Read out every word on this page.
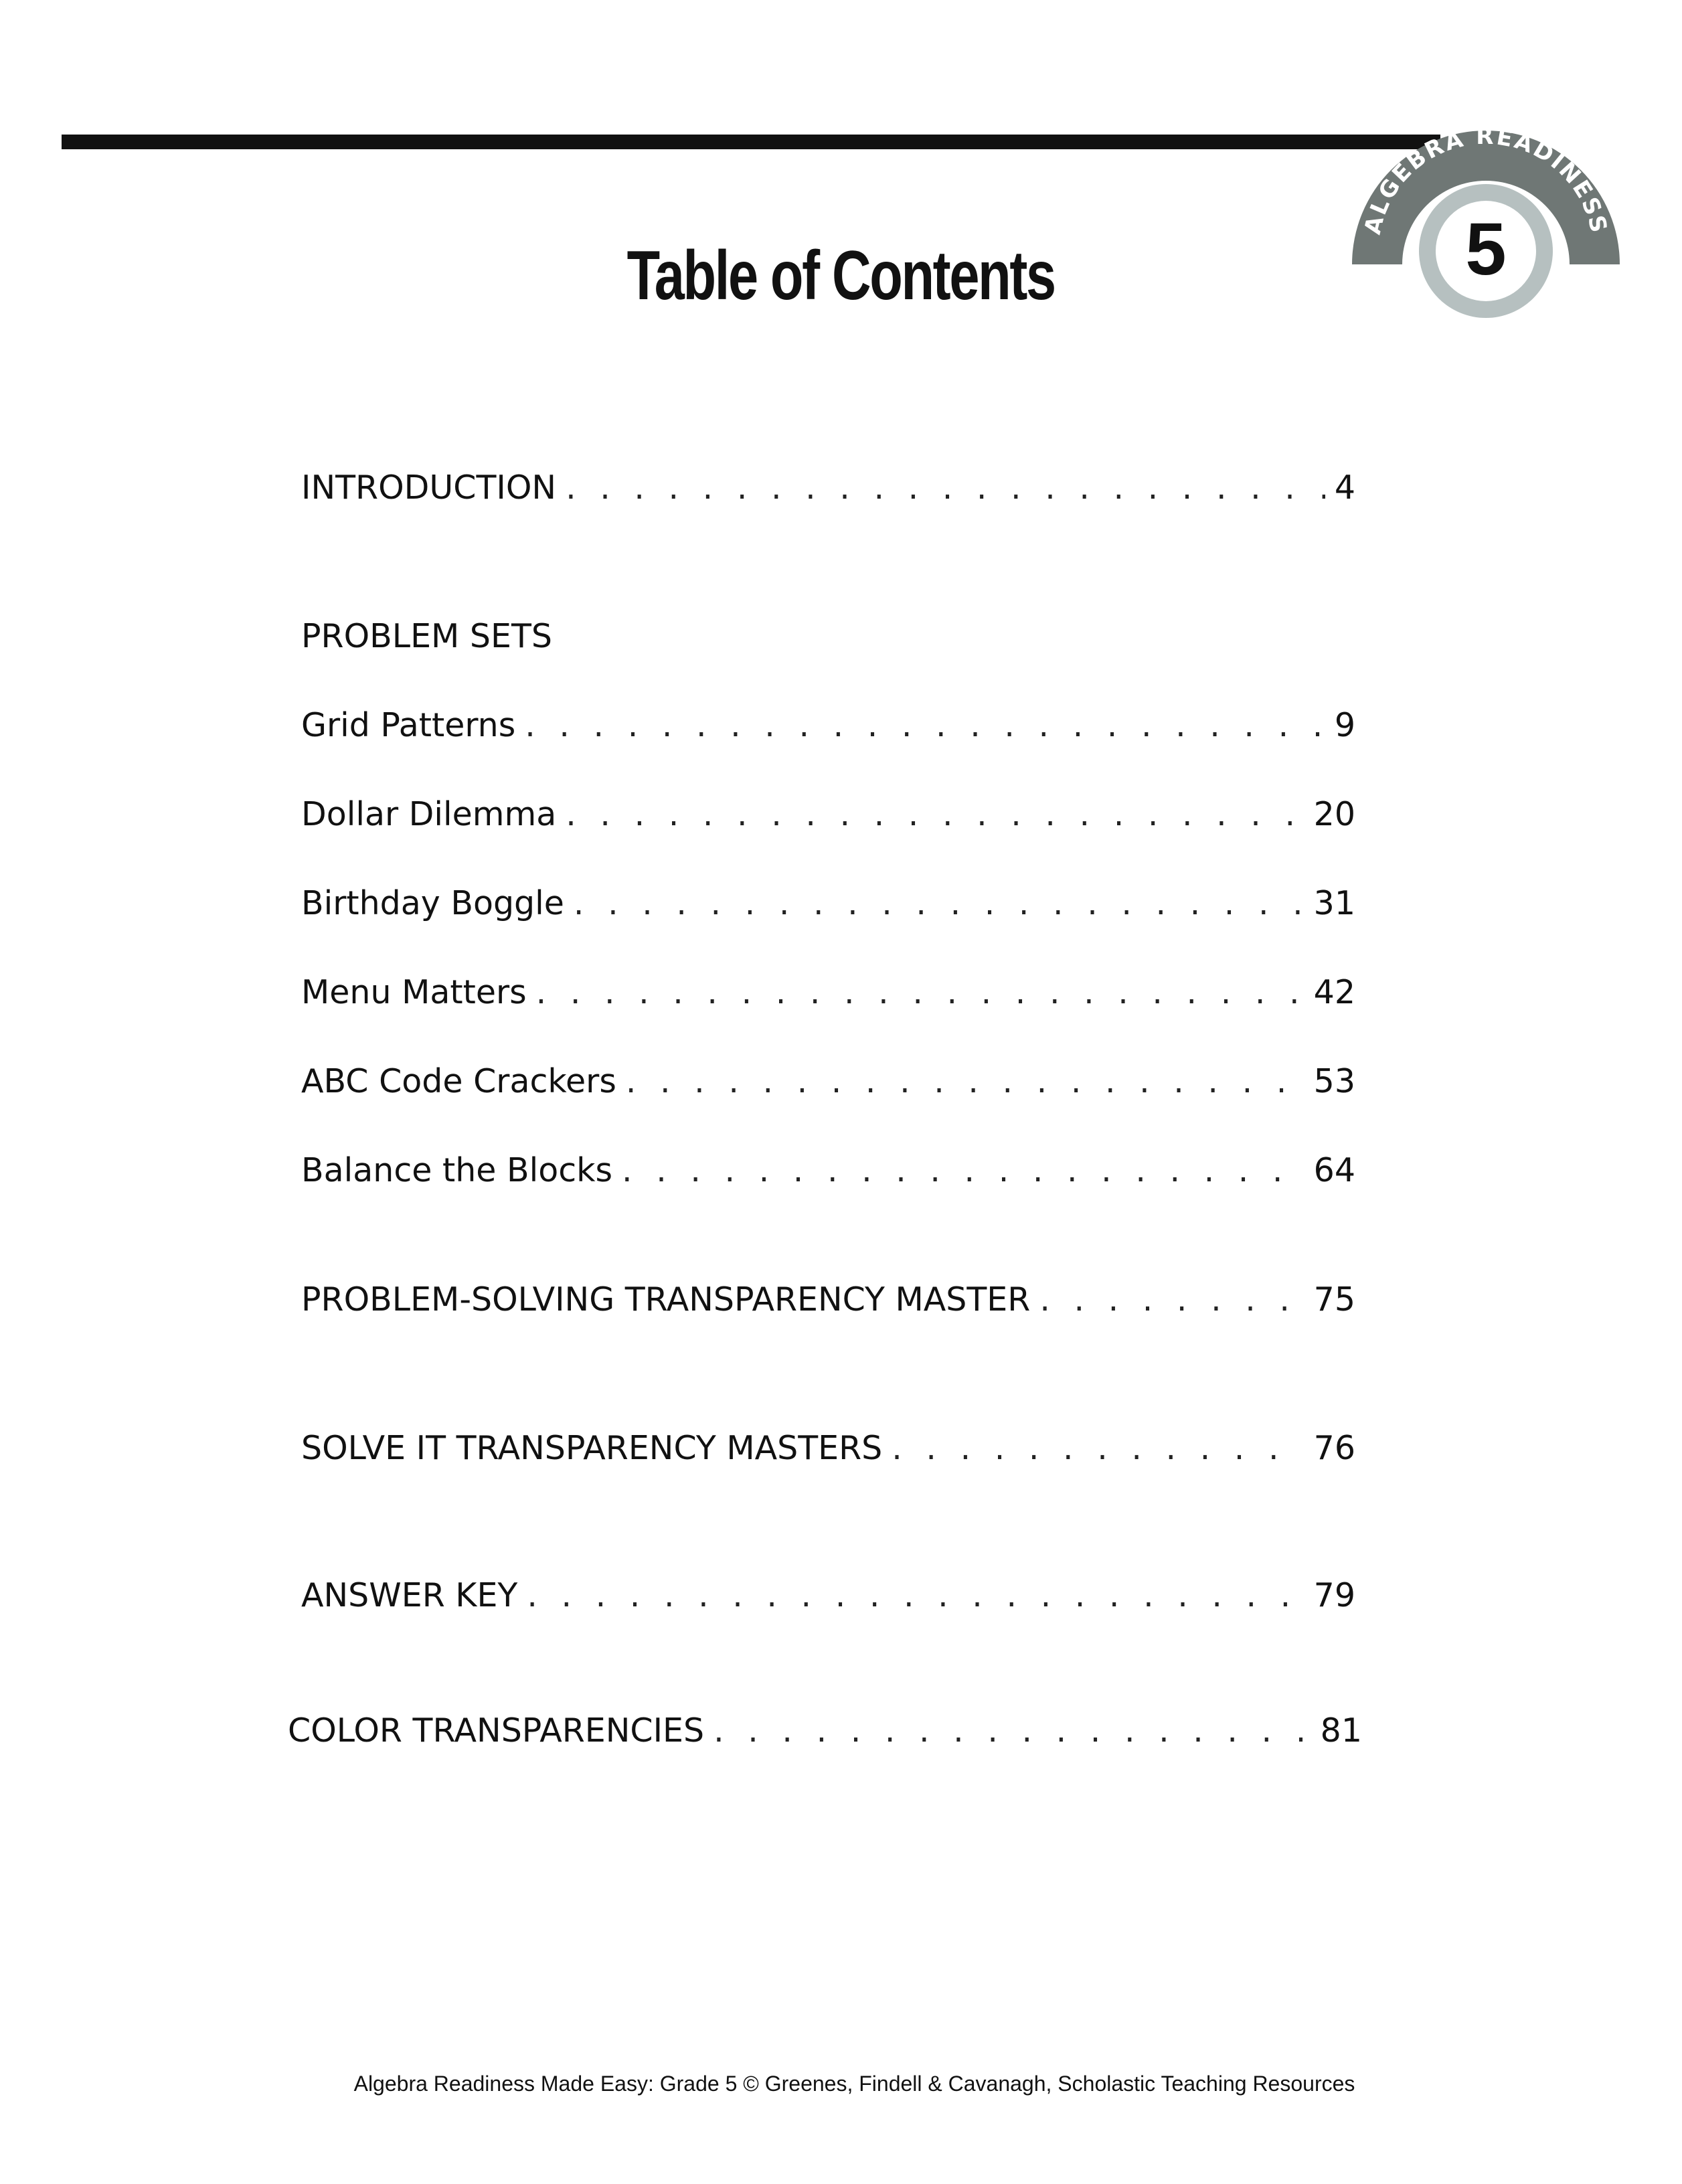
ALGEBRA READINESS
5
Table of Contents
INTRODUCTION . . .	4
PROBLEM SETS
Grid Patterns . . .	9
Dollar Dilemma . . .	20
Birthday Boggle . . .	31
Menu Matters . . .	42
ABC Code Crackers . . .	53
Balance the Blocks . . .	64
PROBLEM-SOLVING TRANSPARENCY MASTER . . .	75
SOLVE IT TRANSPARENCY MASTERS . . .	76
ANSWER KEY . . .	79
COLOR TRANSPARENCIES . . .	81
Algebra Readiness Made Easy: Grade 5 © Greenes, Findell & Cavanagh, Scholastic Teaching Resources
